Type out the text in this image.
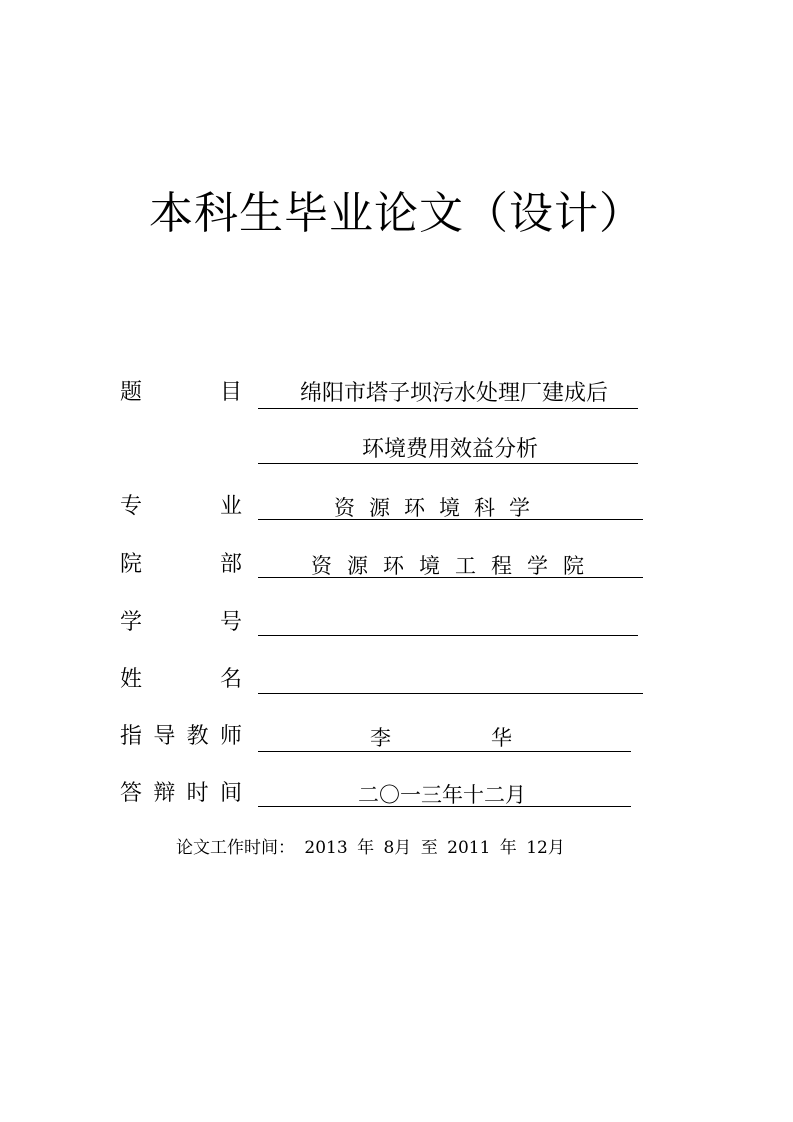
本科生毕业论文（设计）
题	目	绵阳市塔子坝污水处理厂建成后
环境费用效益分析
专	业	资源环境科学
院	部	资源环境工程学院
学	号
姓	名
指 导 教 师	李	华
答 辩 时 间	二〇一三年十二月
论文工作时间： 2013 年 8月 至 2011 年 12月
